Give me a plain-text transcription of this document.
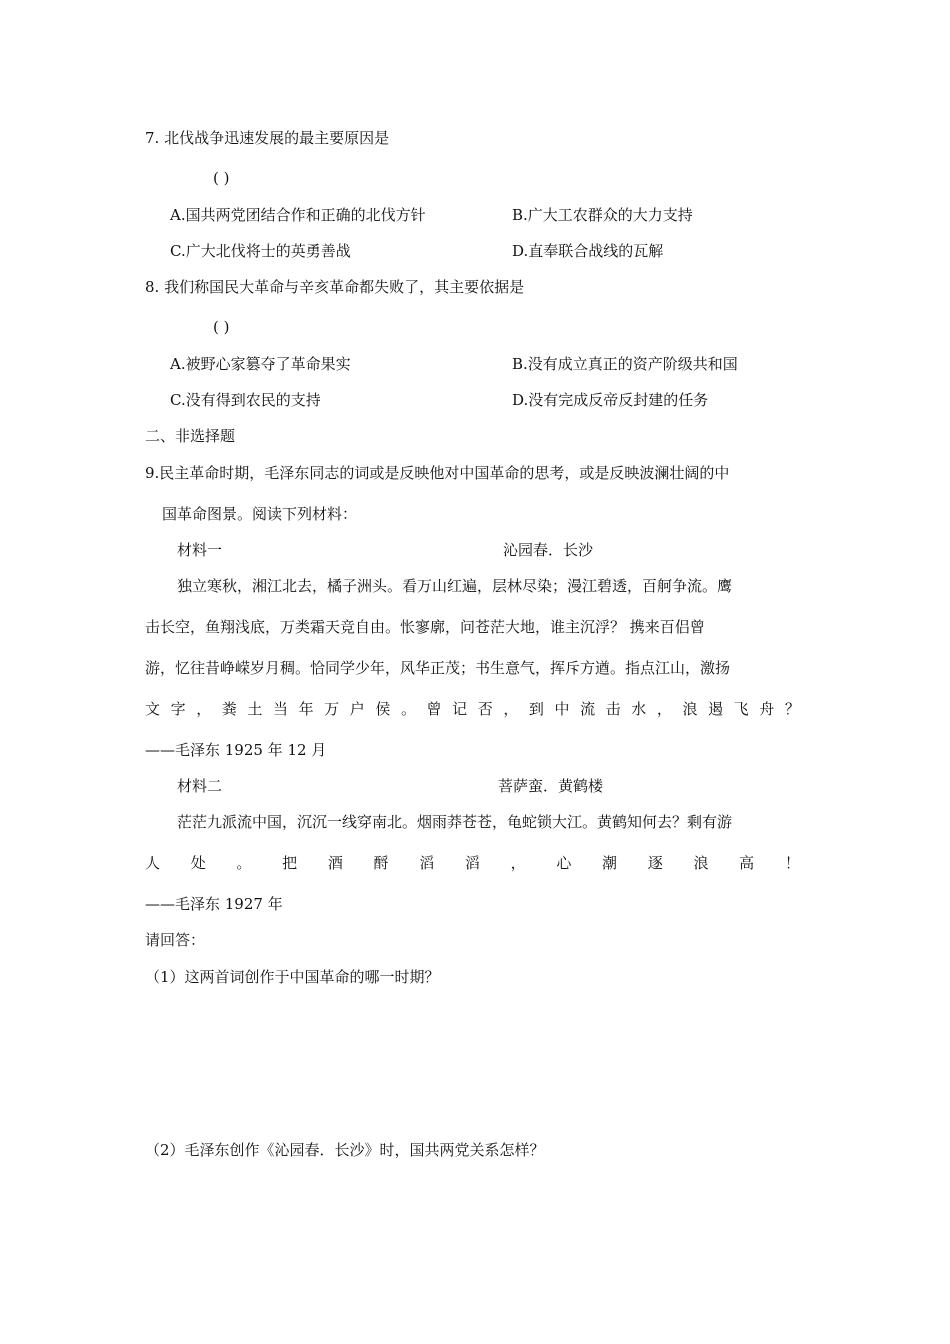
7. 北伐战争迅速发展的最主要原因是
( )
A.国共两党团结合作和正确的北伐方针	B.广大工农群众的大力支持
C.广大北伐将士的英勇善战	D.直奉联合战线的瓦解
8. 我们称国民大革命与辛亥革命都失败了，其主要依据是
( )
A.被野心家篡夺了革命果实	B.没有成立真正的资产阶级共和国
C.没有得到农民的支持	D.没有完成反帝反封建的任务
二、非选择题
9.民主革命时期，毛泽东同志的词或是反映他对中国革命的思考，或是反映波澜壮阔的中
国革命图景。阅读下列材料：
材料一	沁园春．长沙
独立寒秋，湘江北去，橘子洲头。看万山红遍，层林尽染；漫江碧透，百舸争流。鹰
击长空，鱼翔浅底，万类霜天竞自由。怅寥廓，问苍茫大地，谁主沉浮？ 携来百侣曾
游，忆往昔峥嵘岁月稠。恰同学少年，风华正茂；书生意气，挥斥方遒。指点江山，激扬
文 字 ， 粪 土 当 年 万 户 侯 。 曾 记 否 ， 到 中 流 击 水 ， 浪 遏 飞 舟 ？
——毛泽东 1925 年 12 月
材料二	菩萨蛮．黄鹤楼
茫茫九派流中国，沉沉一线穿南北。烟雨莽苍苍，龟蛇锁大江。黄鹤知何去？剩有游
人 处 。 把 酒 酹 滔 滔 ， 心 潮 逐 浪 高 ！
——毛泽东 1927 年
请回答：
（1）这两首词创作于中国革命的哪一时期？
（2）毛泽东创作《沁园春．长沙》时，国共两党关系怎样？
